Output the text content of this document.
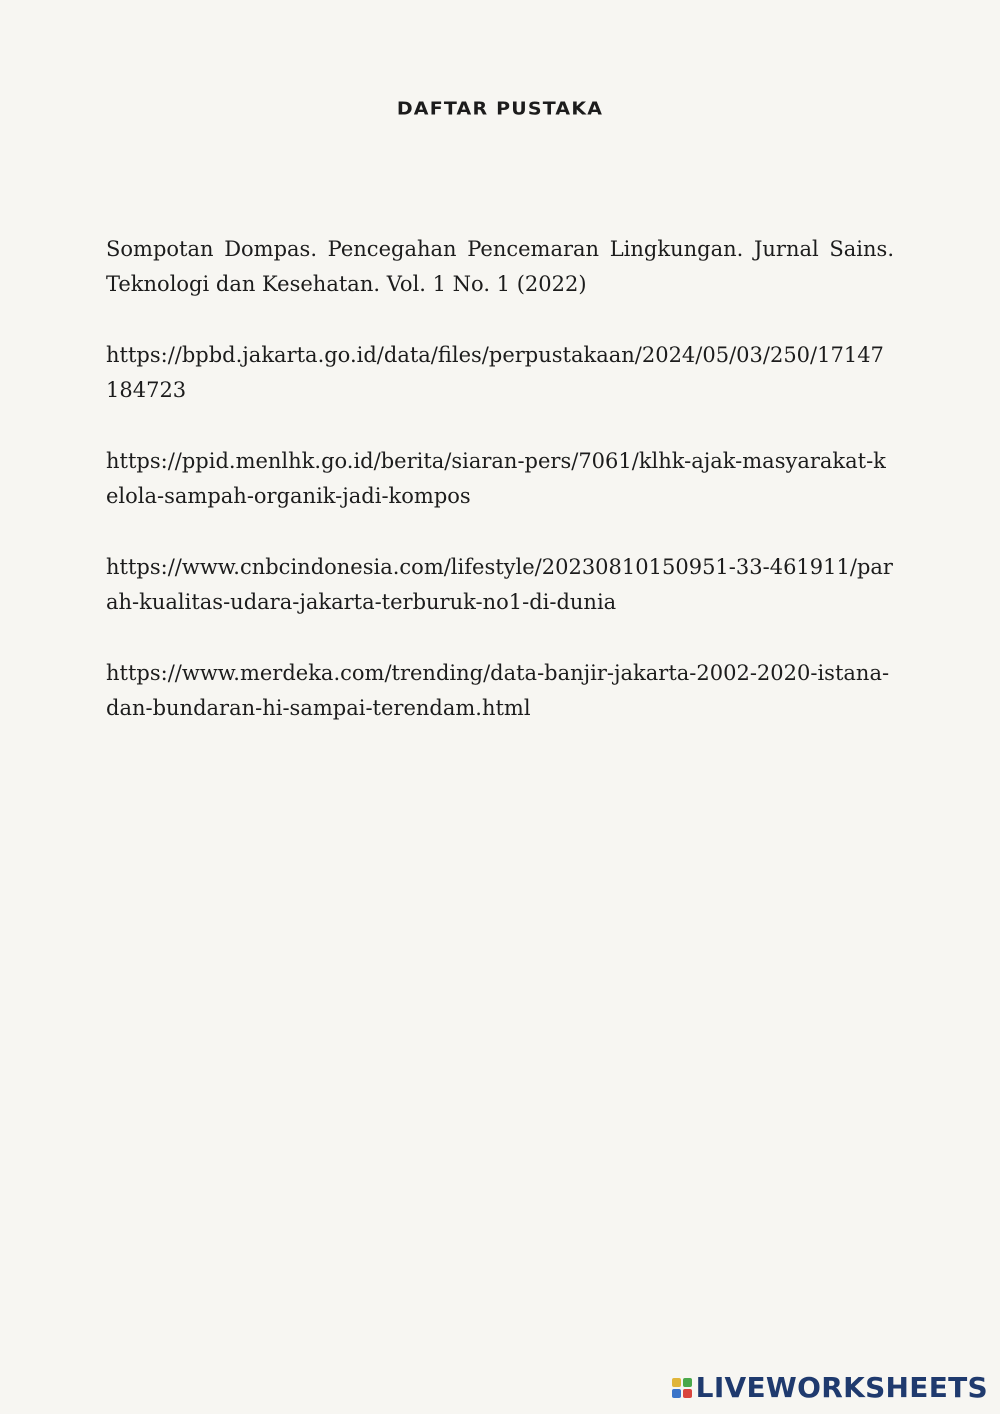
DAFTAR PUSTAKA

Sompotan Dompas. Pencegahan Pencemaran Lingkungan. Jurnal Sains. Teknologi dan Kesehatan. Vol. 1 No. 1 (2022)

https://bpbd.jakarta.go.id/data/files/perpustakaan/2024/05/03/250/17147184723

https://ppid.menlhk.go.id/berita/siaran-pers/7061/klhk-ajak-masyarakat-kelola-sampah-organik-jadi-kompos

https://www.cnbcindonesia.com/lifestyle/20230810150951-33-461911/parah-kualitas-udara-jakarta-terburuk-no1-di-dunia

https://www.merdeka.com/trending/data-banjir-jakarta-2002-2020-istana-dan-bundaran-hi-sampai-terendam.html

LIVEWORKSHEETS
